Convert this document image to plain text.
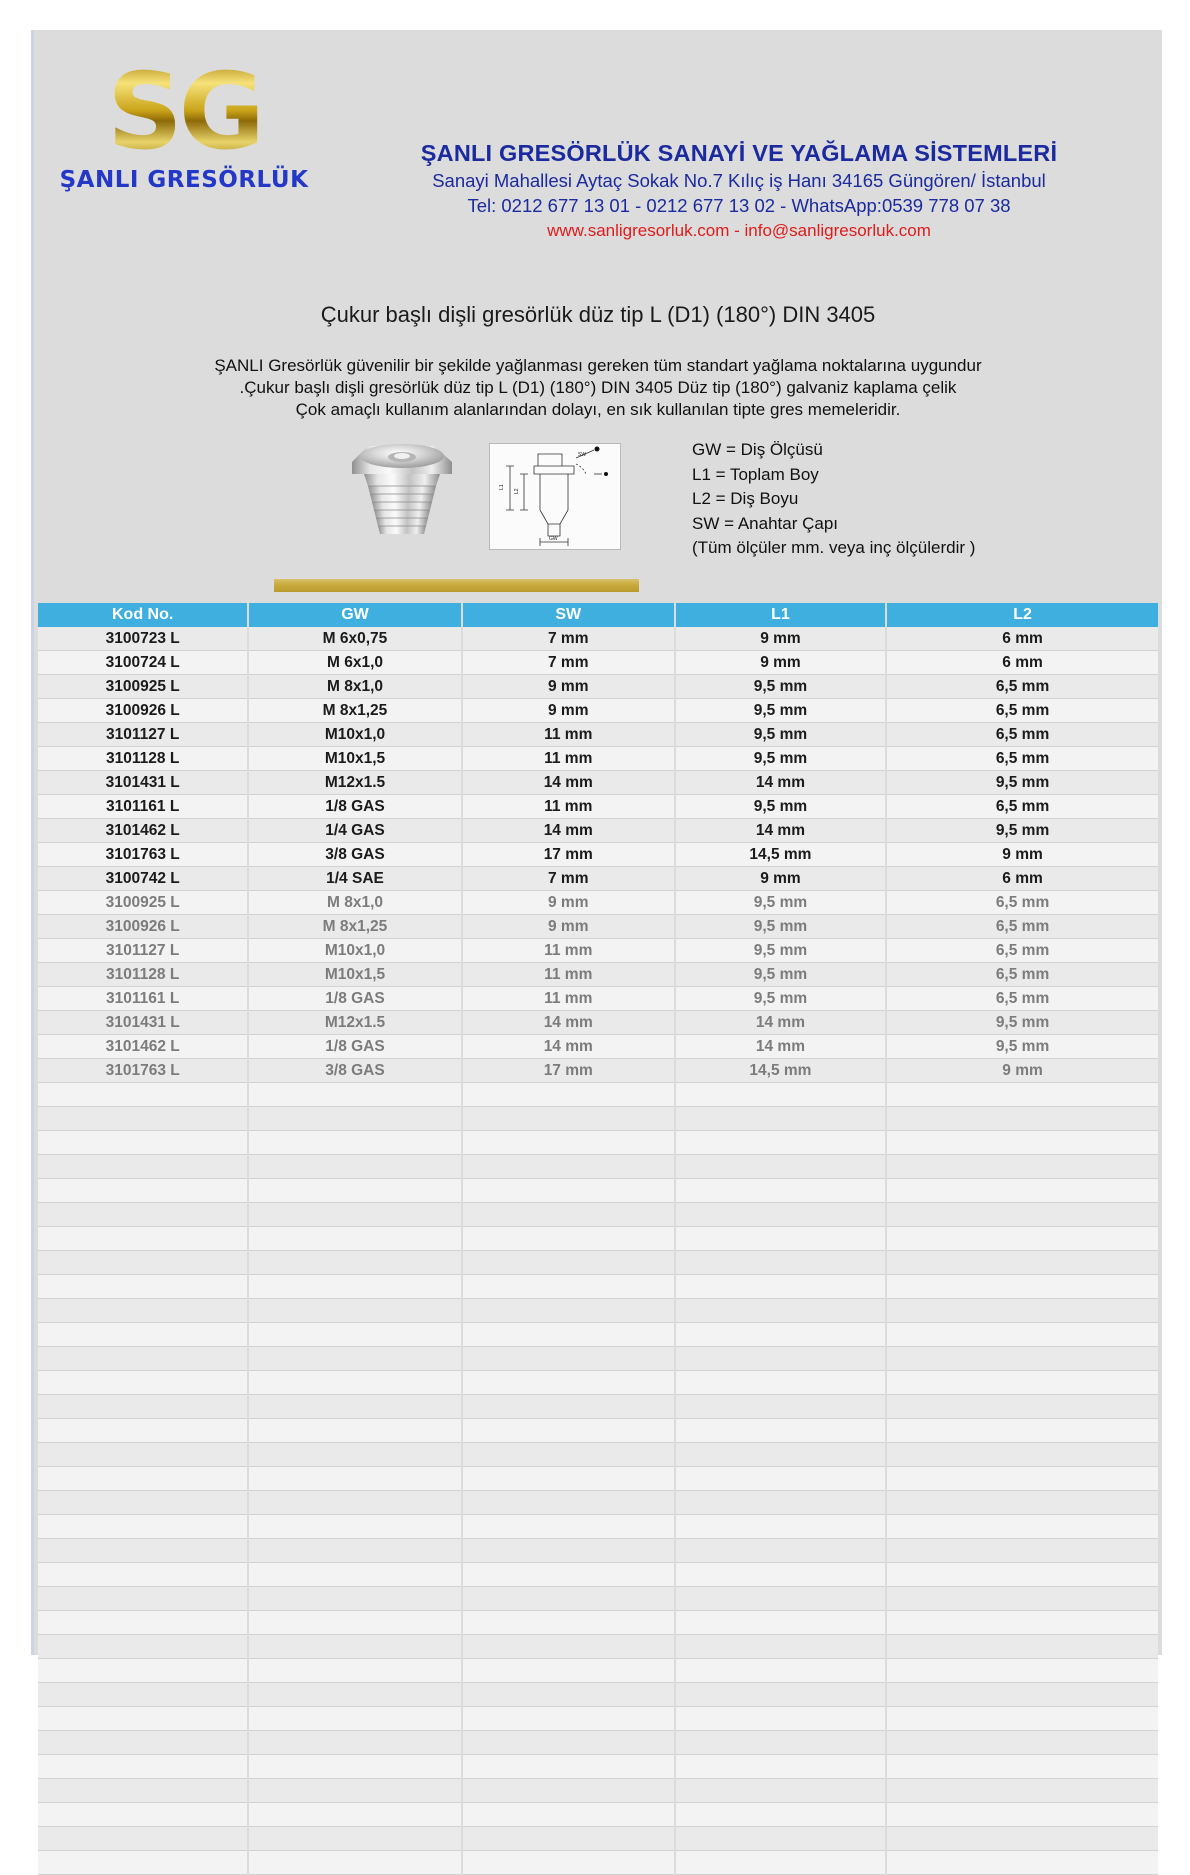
SG
ŞANLI GRESÖRLÜK
ŞANLI GRESÖRLÜK SANAYİ VE YAĞLAMA SİSTEMLERİ
Sanayi Mahallesi Aytaç Sokak No.7 Kılıç iş Hanı 34165 Güngören/ İstanbul
Tel: 0212 677 13 01 - 0212 677 13 02 - WhatsApp:0539 778 07 38
www.sanligresorluk.com - info@sanligresorluk.com
Çukur başlı dişli gresörlük düz tip L (D1) (180°) DIN 3405
ŞANLI Gresörlük güvenilir bir şekilde yağlanması gereken tüm standart yağlama noktalarına uygundur
.Çukur başlı dişli gresörlük düz tip L (D1) (180°) DIN 3405 Düz tip (180°) galvaniz kaplama çelik
Çok amaçlı kullanım alanlarından dolayı, en sık kullanılan tipte gres memeleridir.
L1
L2
GW
SW	GW = Diş Ölçüsü
L1 = Toplam Boy
L2 = Diş Boyu
SW = Anahtar Çapı
(Tüm ölçüler mm. veya inç ölçülerdir )
Kod No.	GW	SW	L1	L2
3100723 L	M 6x0,75	7 mm	9 mm	6 mm
3100724 L	M 6x1,0	7 mm	9 mm	6 mm
3100925 L	M 8x1,0	9 mm	9,5 mm	6,5 mm
3100926 L	M 8x1,25	9 mm	9,5 mm	6,5 mm
3101127 L	M10x1,0	11 mm	9,5 mm	6,5 mm
3101128 L	M10x1,5	11 mm	9,5 mm	6,5 mm
3101431 L	M12x1.5	14 mm	14 mm	9,5 mm
3101161 L	1/8 GAS	11 mm	9,5 mm	6,5 mm
3101462 L	1/4 GAS	14 mm	14 mm	9,5 mm
3101763 L	3/8 GAS	17 mm	14,5 mm	9 mm
3100742 L	1/4 SAE	7 mm	9 mm	6 mm
3100925 L	M 8x1,0	9 mm	9,5 mm	6,5 mm
3100926 L	M 8x1,25	9 mm	9,5 mm	6,5 mm
3101127 L	M10x1,0	11 mm	9,5 mm	6,5 mm
3101128 L	M10x1,5	11 mm	9,5 mm	6,5 mm
3101161 L	1/8 GAS	11 mm	9,5 mm	6,5 mm
3101431 L	M12x1.5	14 mm	14 mm	9,5 mm
3101462 L	1/8 GAS	14 mm	14 mm	9,5 mm
3101763 L	3/8 GAS	17 mm	14,5 mm	9 mm
